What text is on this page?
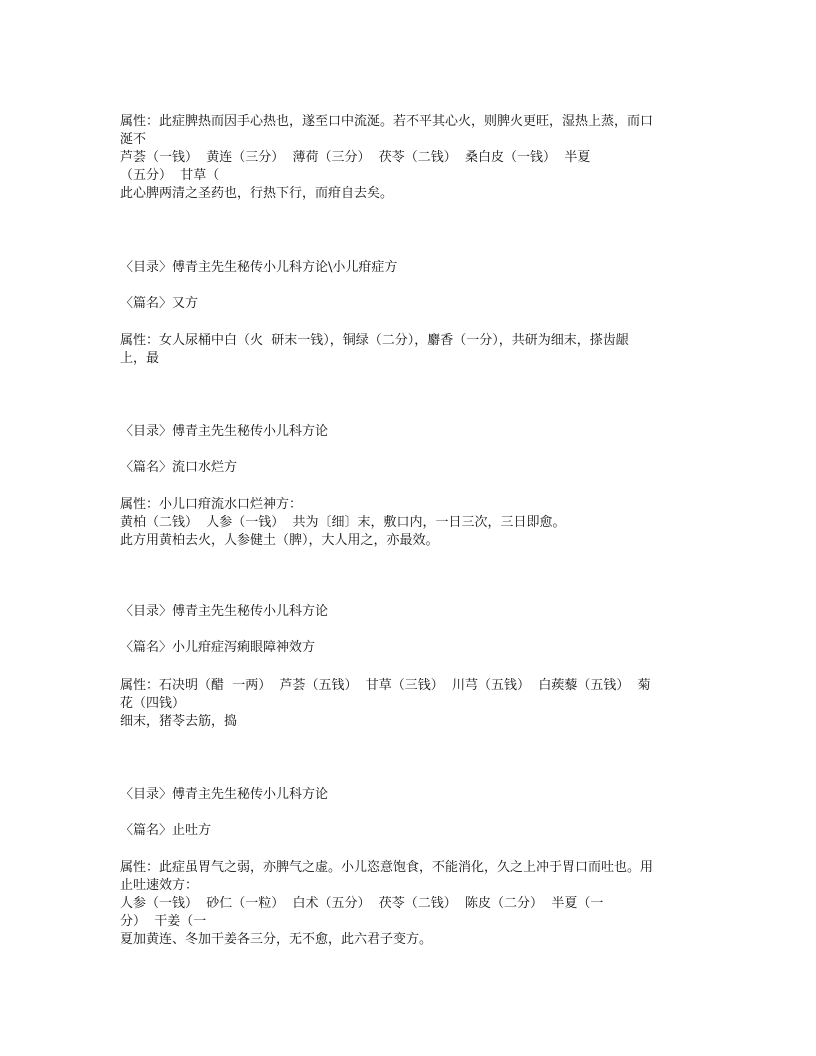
属性：此症脾热而因手心热也，遂至口中流涎。若不平其心火，则脾火更旺，湿热上蒸，而口
涎不
芦荟（一钱）  黄连（三分）  薄荷（三分）  茯苓（二钱）  桑白皮（一钱）  半夏
（五分）  甘草（
此心脾两清之圣药也，行热下行，而疳自去矣。
〈目录〉傅青主先生秘传小儿科方论\小儿疳症方
〈篇名〉又方
属性：女人尿桶中白（火  研末一钱），铜绿（二分），麝香（一分），共研为细末，搽齿龈
上，最
〈目录〉傅青主先生秘传小儿科方论
〈篇名〉流口水烂方
属性：小儿口疳流水口烂神方：
黄柏（二钱）  人参（一钱）  共为〔细〕末，敷口内，一日三次，三日即愈。
此方用黄柏去火，人参健土（脾），大人用之，亦最效。
〈目录〉傅青主先生秘传小儿科方论
〈篇名〉小儿疳症泻痢眼障神效方
属性：石决明（醋  一两）  芦荟（五钱）  甘草（三钱）  川芎（五钱）  白蒺藜（五钱）  菊
花（四钱）
细末，猪苓去筋，捣
〈目录〉傅青主先生秘传小儿科方论
〈篇名〉止吐方
属性：此症虽胃气之弱，亦脾气之虚。小儿恣意饱食，不能消化，久之上冲于胃口而吐也。用
止吐速效方：
人参（一钱）  砂仁（一粒）  白术（五分）  茯苓（二钱）  陈皮（二分）  半夏（一
分）  干姜（一
夏加黄连、冬加干姜各三分，无不愈，此六君子变方。
